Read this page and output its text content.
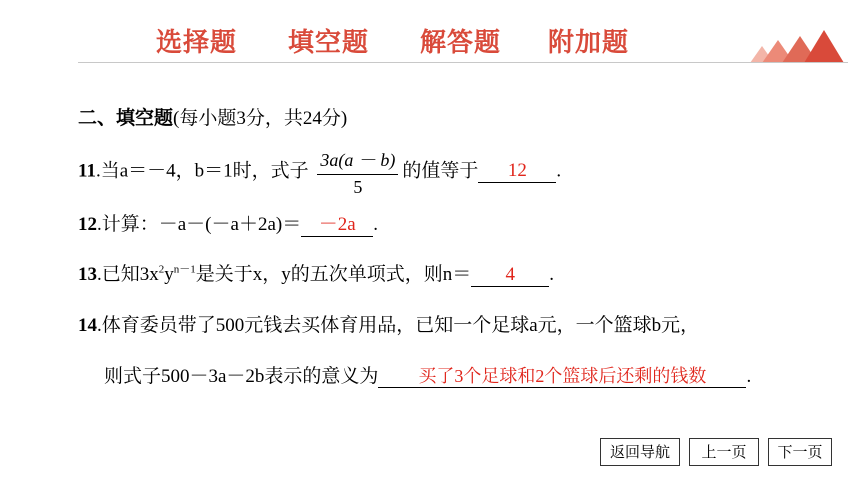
选择题 填空题 解答题 附加题
二、填空题(每小题3分，共24分)
11.当a＝－4，b＝1时，式子 $\frac{3a(a - b)}{5}$ 的值等于 12 .
12.计算：－a－(－a＋2a)＝ －2a .
13.已知$3x^2y^{n-1}$是关于x，y的五次单项式，则n＝ 4 .
14.体育委员带了500元钱去买体育用品，已知一个足球a元，一个篮球b元，
则式子500－3a－2b表示的意义为 买了3个足球和2个篮球后还剩的钱数 .
返回导航	上一页	下一页
